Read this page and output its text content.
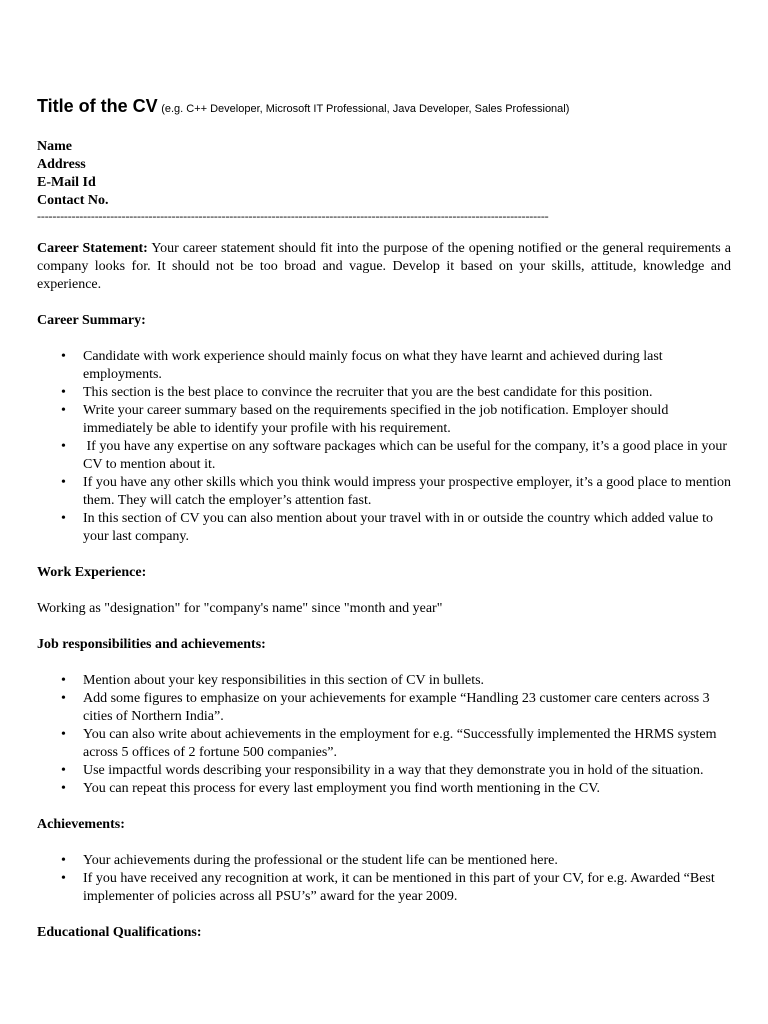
Title of the CV (e.g. C++ Developer, Microsoft IT Professional, Java Developer, Sales Professional)

Name

Address

E-Mail Id

Contact No.

-------------------------------------------------------------------------------------------------------------------------------------

Career Statement: Your career statement should fit into the purpose of the opening notified or the general requirements a company looks for. It should not be too broad and vague. Develop it based on your skills, attitude, knowledge and experience.

Career Summary:

• Candidate with work experience should mainly focus on what they have learnt and achieved during last employments.
• This section is the best place to convince the recruiter that you are the best candidate for this position.
• Write your career summary based on the requirements specified in the job notification. Employer should immediately be able to identify your profile with his requirement.
• If you have any expertise on any software packages which can be useful for the company, it’s a good place in your CV to mention about it.
• If you have any other skills which you think would impress your prospective employer, it’s a good place to mention them. They will catch the employer’s attention fast.
• In this section of CV you can also mention about your travel with in or outside the country which added value to your last company.

Work Experience:

Working as "designation" for "company's name" since "month and year"

Job responsibilities and achievements:

• Mention about your key responsibilities in this section of CV in bullets.
• Add some figures to emphasize on your achievements for example “Handling 23 customer care centers across 3 cities of Northern India”.
• You can also write about achievements in the employment for e.g. “Successfully implemented the HRMS system across 5 offices of 2 fortune 500 companies”.
• Use impactful words describing your responsibility in a way that they demonstrate you in hold of the situation.
• You can repeat this process for every last employment you find worth mentioning in the CV.

Achievements:

• Your achievements during the professional or the student life can be mentioned here.
• If you have received any recognition at work, it can be mentioned in this part of your CV, for e.g. Awarded “Best implementer of policies across all PSU’s” award for the year 2009.

Educational Qualifications:
